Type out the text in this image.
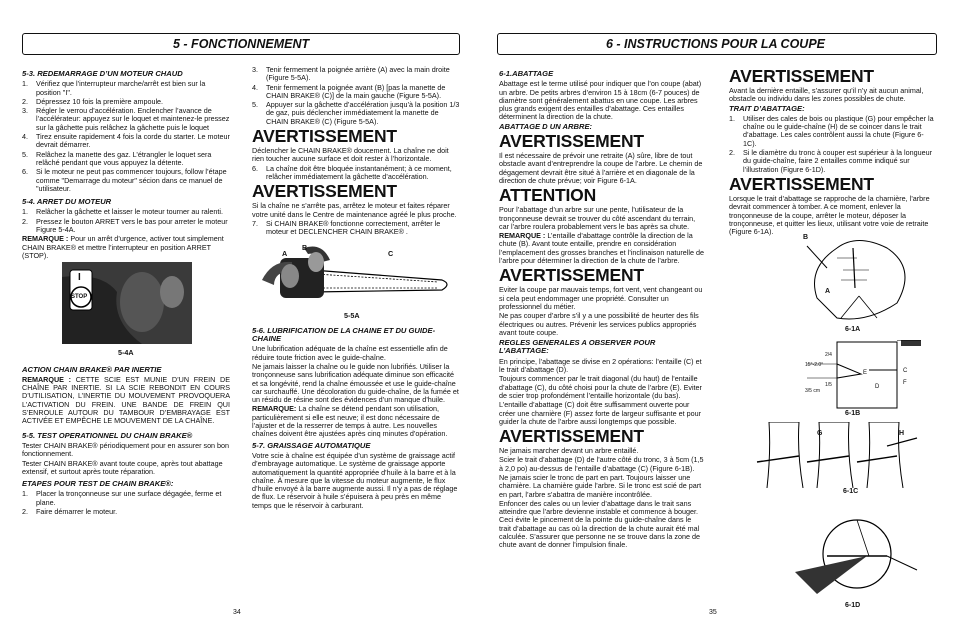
5 - FONCTIONNEMENT
5-3. REDEMARRAGE D’UN MOTEUR CHAUD
1.	Vérifiez que l’interrupteur marche/arrêt est bien sur la position "I".
2.	Dépressez 10 fois la première ampoule.
3.	Régler le verrou d’accélération. Enclencher l’avance de l’accélérateur: appuyez sur le loquet et maintenez-le pressez sur la gâchette puis relâchez la gâchette puis le loquet
4.	Tirez ensuite rapidement 4 fois la corde du starter. Le moteur devrait démarrer.
5.	Relâchez la manette des gaz. L’étrangler le loquet sera relâché pendant que vous appuyez la détente.
6.	Si le moteur ne peut pas commencer toujours, follow l’étape comme "Demarrage du moteur" sécion dans ce manuel de "utilisateur.
5-4. ARRET DU MOTEUR
1.	Relâcher la gâchette et laisser le moteur tourner au ralenti.
2.	Pressez le bouton ARRET vers le bas pour arreter le moteur Figure 5-4A.

REMARQUE : Pour un arrêt d’urgence, activer tout simplement CHAIN BRAKE® et mettre l’interrupteur en position ARRET (STOP).

I
STOP
5-4A
ACTION CHAIN BRAKE® PAR INERTIE

REMARQUE : CETTE SCIE EST MUNIE D’UN FREIN DE CHAÎNE PAR INERTIE. SI LA SCIE REBONDIT EN COURS D’UTILISATION, L’INERTIE DU MOUVEMENT PROVOQUERA L’ACTIVATION DU FREIN. UNE BANDE DE FREIN QUI S’ENROULE AUTOUR DU TAMBOUR D’EMBRAYAGE EST ACTIVÉE ET EMPÊCHE LE MOUVEMENT DE LA CHAÎNE.

5-5. TEST OPERATIONNEL DU CHAIN BRAKE®

Tester CHAIN BRAKE® périodiquement pour en assurer son bon fonctionnement.

Tester CHAIN BRAKE® avant toute coupe, après tout abattage extensif, et surtout après toute réparation.

ETAPES POUR TEST DE CHAIN BRAKE®:
1.	Placer la tronçonneuse sur une surface dégagée, ferme et plane.
2.	Faire démarrer le moteur.
3.	Tenir fermement la poignée arrière (A) avec la main droite (Figure 5-5A).
4.	Tenir fermement la poignée avant (B) [pas la manette de CHAIN BRAKE® (C)] de la main gauche (Figure 5-5A).
5.	Appuyer sur la gâchette d’accélération jusqu’à la position 1/3 de gaz, puis déclencher immédiatement la manette de CHAIN BRAKE® (C) (Figure 5-5A).
AVERTISSEMENT

Déclencher le CHAIN BRAKE® doucement. La chaîne ne doit rien toucher aucune surface et doit rester à l’horizontale.

6.	La chaîne doit être bloquée instantanément; à ce moment, relâcher immédiatement la gâchette d’accélération.
AVERTISSEMENT

Si la chaîne ne s’arrête pas, arrêtez le moteur et faites réparer votre unité dans le Centre de maintenance agréé le plus proche.

7.	Si CHAIN BRAKE® fonctionne correctement, arrêter le moteur et DECLENCHER CHAIN BRAKE® .
A
B
C
5-5A
5-6. LUBRIFICATION DE LA CHAINE ET DU GUIDE-CHAINE

Une lubrification adéquate de la chaîne est essentielle afin de réduire toute friction avec le guide-chaîne.

Ne jamais laisser la chaîne ou le guide non lubrifiés. Utiliser la tronçonneuse sans lubrification adéquate diminue son efficacité et sa longévité, rend la chaîne émoussée et use le guide-chaîne car surchauffé. Une décoloration du guide-chaîne, de la fumée et un résidu de résine sont des évidences d’un manque d’huile.

REMARQUE: La chaîne se détend pendant son utilisation, particulièrement si elle est neuve; il est donc nécessaire de l’ajuster et de la resserrer de temps à autre. Les nouvelles chaînes doivent être ajustées après cinq minutes d’opération.

5-7. GRAISSAGE AUTOMATIQUE

Votre scie à chaîne est équipée d’un système de graissage actif d’embrayage automatique. Le système de graissage apporte automatiquement la quantité appropriée d’huile à la barre et à la chaîne. À mesure que la vitesse du moteur augmente, le flux d’huile envoyé à la barre augmente aussi. Il n’y a pas de réglage de flux. Le réservoir à huile s’épuisera à peu près en même temps que le réservoir à carburant.

34
6 - INSTRUCTIONS POUR LA COUPE
6-1.ABATTAGE

Abattage est le terme utilisé pour indiquer que l’on coupe (abat) un arbre. De petits arbres d’environ 15 à 18cm (6-7 pouces) de diamètre sont généralement abattus en une coupe. Les arbres plus grands exigent des entailles d’abattage. Ces entailles déterminent la direction de la chute.

ABATTAGE D UN ARBRE:
AVERTISSEMENT

Il est nécessaire de prévoir une retraite (A) sûre, libre de tout obstacle avant d’entreprendre la coupe de l’arbre. Le chemin de dégagement devrait être situé à l’arrière et en diagonale de la direction de chute prévue; voir Figure 6-1A.

ATTENTION

Pour l’abattage d’un arbre sur une pente, l’utilisateur de la tronçonneuse devrait se trouver du côté ascendant du terrain, car l’arbre roulera probablement vers le bas après sa chute.

REMARQUE : L’entaille d’abattage contrôle la direction de la chute (B). Avant toute entaille, prendre en considération l’emplacement des grosses branches et l’inclinaison naturelle de l’arbre pour déterminer la direction de la chute de l’arbre.

AVERTISSEMENT

Eviter la coupe par mauvais temps, fort vent, vent changeant ou si cela peut endommager une propriété. Consulter un professionnel du métier.

Ne pas couper d’arbre s’il y a une possibilité de heurter des fils électriques ou autres. Prévenir les services publics appropriés avant toute coupe.

REGLES GENERALES A OBSERVER POUR L’ABATTAGE:

En principe, l’abattage se divise en 2 opérations: l’entaille (C) et le trait d’abattage (D).

Toujours commencer par le trait diagonal (du haut) de l’entaille d’abattage (C), du côté choisi pour la chute de l’arbre (E). Eviter de scier trop profondément l’entaille horizontale (du bas).

L’entaille d’abattage (C) doit être suffisamment ouverte pour créer une charnière (F) assez forte de largeur suffisante et pour guider la chute de l’arbre aussi longtemps que possible.

AVERTISSEMENT

Ne jamais marcher devant un arbre entaillé.

Scier le trait d’abattage (D) de l’autre côté du tronc, 3 à 5cm (1,5 à 2,0 po) au-dessus de l’entaille d’abattage (C) (Figure 6-1B).

Ne jamais scier le tronc de part en part. Toujours laisser une charnière. La charnière guide l’arbre. Si le tronc est scié de part en part, l’arbre s’abattra de manière incontrôlée.

Enfoncer des cales ou un levier d’abattage dans le trait sans atteindre que l’arbre devienne instable et commence à bouger. Ceci évite le pincement de la pointe du guide-chaîne dans le trait d’abattage au cas où la direction de la chute aurait été mal calculée. S’assurer que personne ne se trouve dans la zone de chute avant de donner l’impulsion finale.

AVERTISSEMENT

Avant la dernière entaille, s’assurer qu’il n’y ait aucun animal, obstacle ou individu dans les zones possibles de chute.

TRAIT D’ABATTAGE:
1.	Utiliser des cales de bois ou plastique (G) pour empêcher la chaîne ou le guide-chaîne (H) de se coincer dans le trait d’abattage. Les cales contrôlent aussi la chute (Figure 6-1C).
2.	Si le diamètre du tronc à couper est supérieur à la longueur du guide-chaîne, faire 2 entailles comme indiqué sur l’illustration (Figure 6-1D).
AVERTISSEMENT

Lorsque le trait d’abattage se rapproche de la charnière, l’arbre devrait commencer à tomber. A ce moment, enlever la tronçonneuse de la coupe, arrêter le moteur, déposer la tronçonneuse, et quitter les lieux, utilisant votre voie de retraite (Figure 6-1A).

B
A
6-1A
2/4
15°-2.0°
1/5
3/5 cm
C
E
F
D
6-1B
G	H
6-1C
6-1D
35
